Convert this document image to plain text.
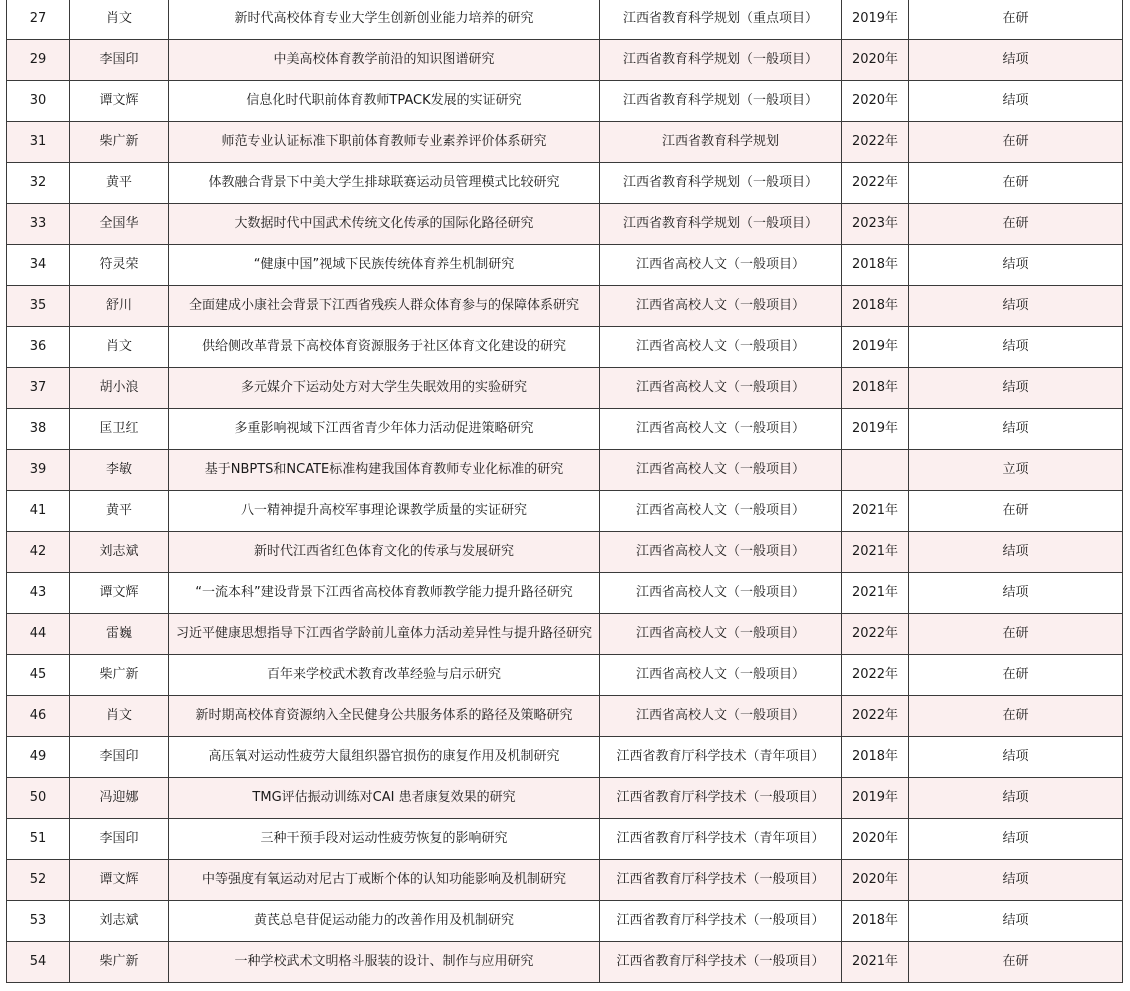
27	肖文	新时代高校体育专业大学生创新创业能力培养的研究	江西省教育科学规划（重点项目）	2019年	在研
29	李国印	中美高校体育教学前沿的知识图谱研究	江西省教育科学规划（一般项目）	2020年	结项
30	谭文辉	信息化时代职前体育教师TPACK发展的实证研究	江西省教育科学规划（一般项目）	2020年	结项
31	柴广新	师范专业认证标准下职前体育教师专业素养评价体系研究	江西省教育科学规划	2022年	在研
32	黄平	体教融合背景下中美大学生排球联赛运动员管理模式比较研究	江西省教育科学规划（一般项目）	2022年	在研
33	全国华	大数据时代中国武术传统文化传承的国际化路径研究	江西省教育科学规划（一般项目）	2023年	在研
34	符灵荣	“健康中国”视域下民族传统体育养生机制研究	江西省高校人文（一般项目）	2018年	结项
35	舒川	全面建成小康社会背景下江西省残疾人群众体育参与的保障体系研究	江西省高校人文（一般项目）	2018年	结项
36	肖文	供给侧改革背景下高校体育资源服务于社区体育文化建设的研究	江西省高校人文（一般项目）	2019年	结项
37	胡小浪	多元媒介下运动处方对大学生失眠效用的实验研究	江西省高校人文（一般项目）	2018年	结项
38	匡卫红	多重影响视域下江西省青少年体力活动促进策略研究	江西省高校人文（一般项目）	2019年	结项
39	李敏	基于NBPTS和NCATE标准构建我国体育教师专业化标准的研究	江西省高校人文（一般项目）		立项
41	黄平	八一精神提升高校军事理论课教学质量的实证研究	江西省高校人文（一般项目）	2021年	在研
42	刘志斌	新时代江西省红色体育文化的传承与发展研究	江西省高校人文（一般项目）	2021年	结项
43	谭文辉	“一流本科”建设背景下江西省高校体育教师教学能力提升路径研究	江西省高校人文（一般项目）	2021年	结项
44	雷巍	习近平健康思想指导下江西省学龄前儿童体力活动差异性与提升路径研究	江西省高校人文（一般项目）	2022年	在研
45	柴广新	百年来学校武术教育改革经验与启示研究	江西省高校人文（一般项目）	2022年	在研
46	肖文	新时期高校体育资源纳入全民健身公共服务体系的路径及策略研究	江西省高校人文（一般项目）	2022年	在研
49	李国印	高压氧对运动性疲劳大鼠组织器官损伤的康复作用及机制研究	江西省教育厅科学技术（青年项目）	2018年	结项
50	冯迎娜	TMG评估振动训练对CAI 患者康复效果的研究	江西省教育厅科学技术（一般项目）	2019年	结项
51	李国印	三种干预手段对运动性疲劳恢复的影响研究	江西省教育厅科学技术（青年项目）	2020年	结项
52	谭文辉	中等强度有氧运动对尼古丁戒断个体的认知功能影响及机制研究	江西省教育厅科学技术（一般项目）	2020年	结项
53	刘志斌	黄芪总皂苷促运动能力的改善作用及机制研究	江西省教育厅科学技术（一般项目）	2018年	结项
54	柴广新	一种学校武术文明格斗服装的设计、制作与应用研究	江西省教育厅科学技术（一般项目）	2021年	在研
